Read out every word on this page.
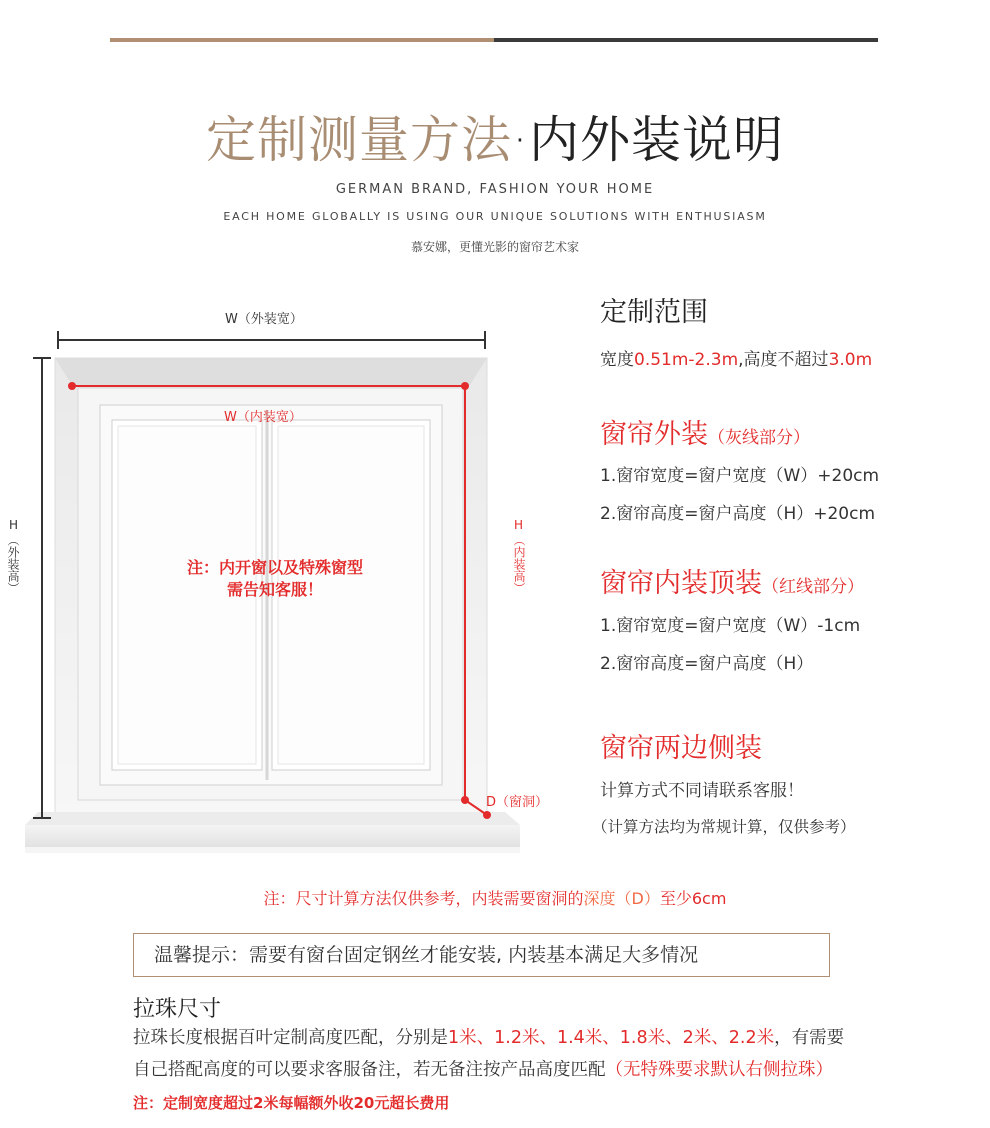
定制测量方法·内外装说明
GERMAN BRAND, FASHION YOUR HOME
EACH HOME GLOBALLY IS USING OUR UNIQUE SOLUTIONS WITH ENTHUSIASM
慕安娜，更懂光影的窗帘艺术家
W（外装宽）
W（内装宽）
H
（外装高）
H
（内装高）
D（窗洞）
注：内开窗以及特殊窗型
需告知客服！
定制范围
宽度0.51m-2.3m,高度不超过3.0m
窗帘外装（灰线部分）
1.窗帘宽度=窗户宽度（W）+20cm
2.窗帘高度=窗户高度（H）+20cm
窗帘内装顶装（红线部分）
1.窗帘宽度=窗户宽度（W）-1cm
2.窗帘高度=窗户高度（H）
窗帘两边侧装
计算方式不同请联系客服！
（计算方法均为常规计算，仅供参考）
注：尺寸计算方法仅供参考，内装需要窗洞的深度（D）至少6cm
温馨提示：需要有窗台固定钢丝才能安装, 内装基本满足大多情况
拉珠尺寸
拉珠长度根据百叶定制高度匹配，分别是1米、1.2米、1.4米、1.8米、2米、2.2米，有需要
自己搭配高度的可以要求客服备注，若无备注按产品高度匹配（无特殊要求默认右侧拉珠）
注：定制宽度超过2米每幅额外收20元超长费用
